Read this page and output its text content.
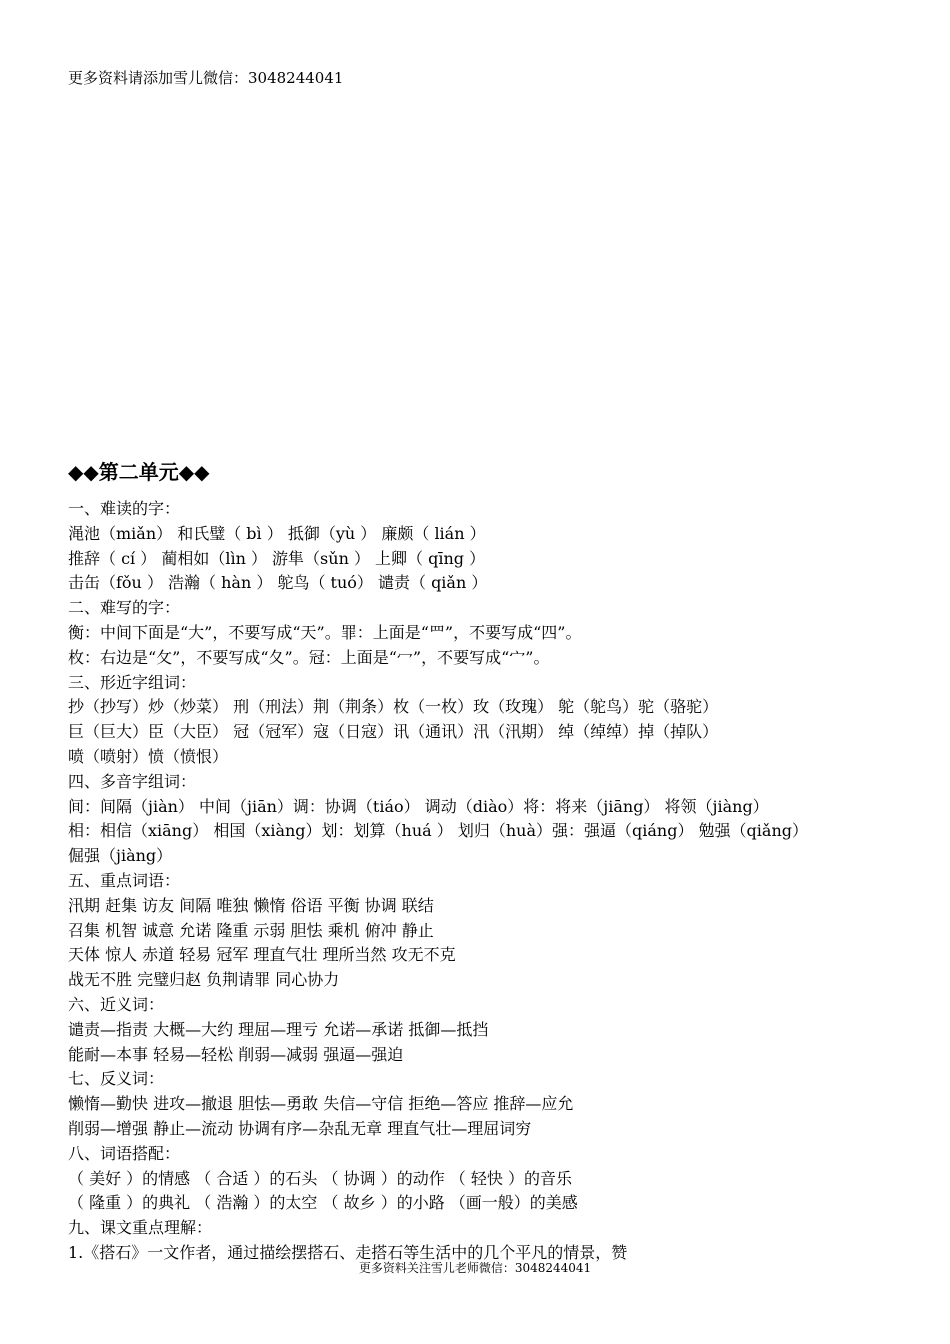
更多资料请添加雪儿微信：3048244041
◆◆第二单元◆◆
一、难读的字：
渑池（miǎn） 和氏璧（ bì ） 抵御（yù ） 廉颇（ lián ）
推辞（ cí ） 蔺相如（lìn ） 游隼（sǔn ） 上卿（ qīng ）
击缶（fǒu ） 浩瀚（ hàn ） 鸵鸟（ tuó） 谴责（ qiǎn ）
二、难写的字：
衡：中间下面是“大”，不要写成“天”。罪：上面是“罒”，不要写成“四”。
枚：右边是“攵”，不要写成“夂”。冠：上面是“冖”，不要写成“宀”。
三、形近字组词：
抄（抄写）炒（炒菜） 刑（刑法）荆（荆条）枚（一枚）玫（玫瑰） 鸵（鸵鸟）驼（骆驼）
巨（巨大）臣（大臣） 冠（冠军）寇（日寇）讯（通讯）汛（汛期） 绰（绰绰）掉（掉队）
喷（喷射）愤（愤恨）
四、多音字组词：
间：间隔（jiàn） 中间（jiān）调：协调（tiáo） 调动（diào）将：将来（jiāng） 将领（jiàng）
相：相信（xiāng） 相国（xiàng）划：划算（huá ） 划归（huà）强：强逼（qiáng） 勉强（qiǎng）
倔强（jiàng）
五、重点词语：
汛期 赶集 访友 间隔 唯独 懒惰 俗语 平衡 协调 联结
召集 机智 诚意 允诺 隆重 示弱 胆怯 乘机 俯冲 静止
天体 惊人 赤道 轻易 冠军 理直气壮 理所当然 攻无不克
战无不胜 完璧归赵 负荆请罪 同心协力
六、近义词：
谴责—指责 大概—大约 理屈—理亏 允诺—承诺 抵御—抵挡
能耐—本事 轻易—轻松 削弱—减弱 强逼—强迫
七、反义词：
懒惰—勤快 进攻—撤退 胆怯—勇敢 失信—守信 拒绝—答应 推辞—应允
削弱—增强 静止—流动 协调有序—杂乱无章 理直气壮—理屈词穷
八、词语搭配：
（ 美好 ）的情感 （ 合适 ）的石头 （ 协调 ）的动作 （ 轻快 ）的音乐
（ 隆重 ）的典礼 （ 浩瀚 ）的太空 （ 故乡 ）的小路 （画一般）的美感
九、课文重点理解：
1.《搭石》一文作者，通过描绘摆搭石、走搭石等生活中的几个平凡的情景，赞
更多资料关注雪儿老师微信：3048244041
